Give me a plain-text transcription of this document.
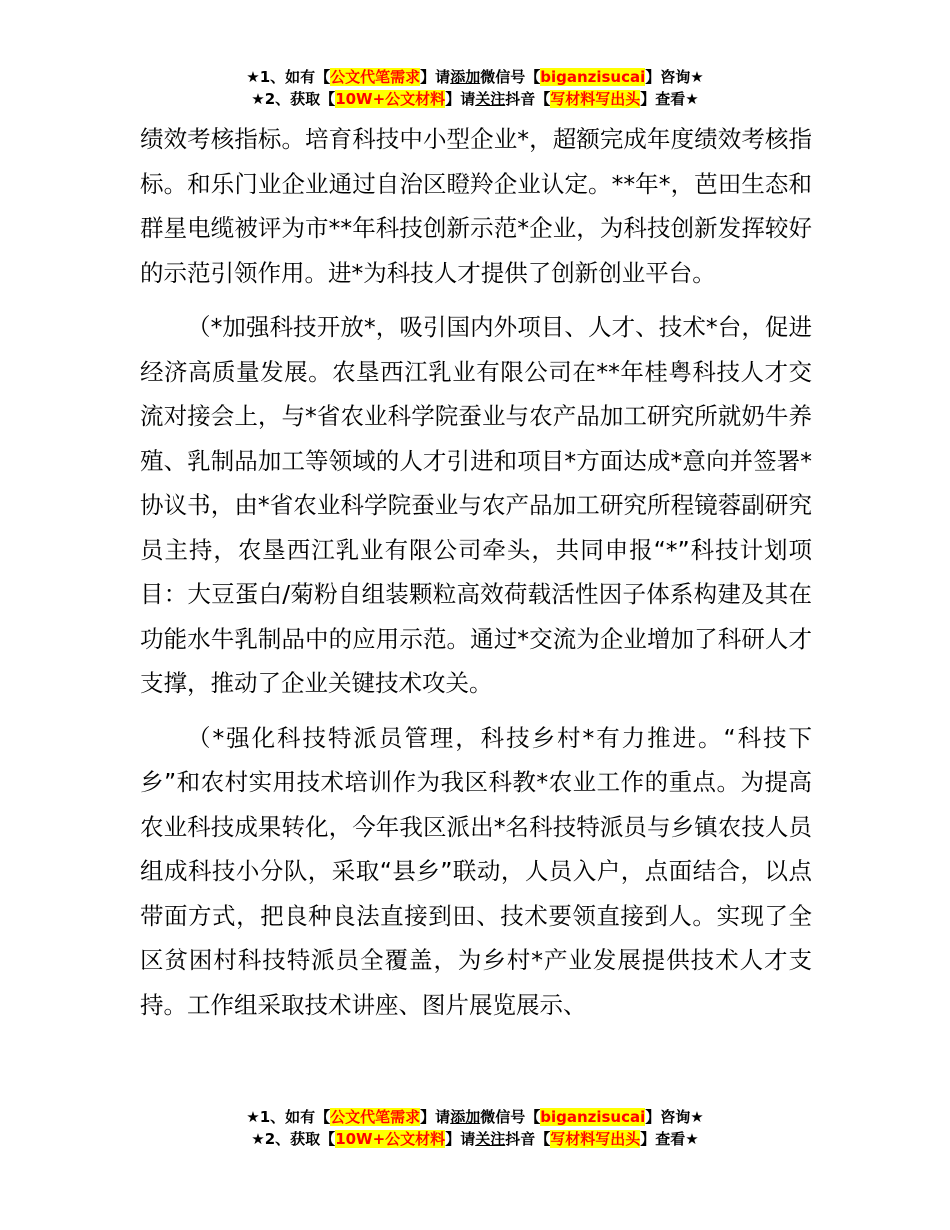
★1、如有【公文代笔需求】请添加微信号【biganzisucai】咨询★
★2、获取【10W+公文材料】请关注抖音【写材料写出头】查看★

绩效考核指标。培育科技中小型企业*，超额完成年度绩效考核指标。和乐门业企业通过自治区瞪羚企业认定。**年*，芭田生态和群星电缆被评为市**年科技创新示范*企业，为科技创新发挥较好的示范引领作用。进*为科技人才提供了创新创业平台。

（*加强科技开放*，吸引国内外项目、人才、技术*台，促进经济高质量发展。农垦西江乳业有限公司在**年桂粤科技人才交流对接会上，与*省农业科学院蚕业与农产品加工研究所就奶牛养殖、乳制品加工等领域的人才引进和项目*方面达成*意向并签署*协议书，由*省农业科学院蚕业与农产品加工研究所程镜蓉副研究员主持，农垦西江乳业有限公司牵头，共同申报“*”科技计划项目：大豆蛋白/菊粉自组装颗粒高效荷载活性因子体系构建及其在功能水牛乳制品中的应用示范。通过*交流为企业增加了科研人才支撑，推动了企业关键技术攻关。

（*强化科技特派员管理，科技乡村*有力推进。“科技下乡”和农村实用技术培训作为我区科教*农业工作的重点。为提高农业科技成果转化，今年我区派出*名科技特派员与乡镇农技人员组成科技小分队，采取“县乡”联动，人员入户，点面结合，以点带面方式，把良种良法直接到田、技术要领直接到人。实现了全区贫困村科技特派员全覆盖，为乡村*产业发展提供技术人才支持。工作组采取技术讲座、图片展览展示、

★1、如有【公文代笔需求】请添加微信号【biganzisucai】咨询★
★2、获取【10W+公文材料】请关注抖音【写材料写出头】查看★
